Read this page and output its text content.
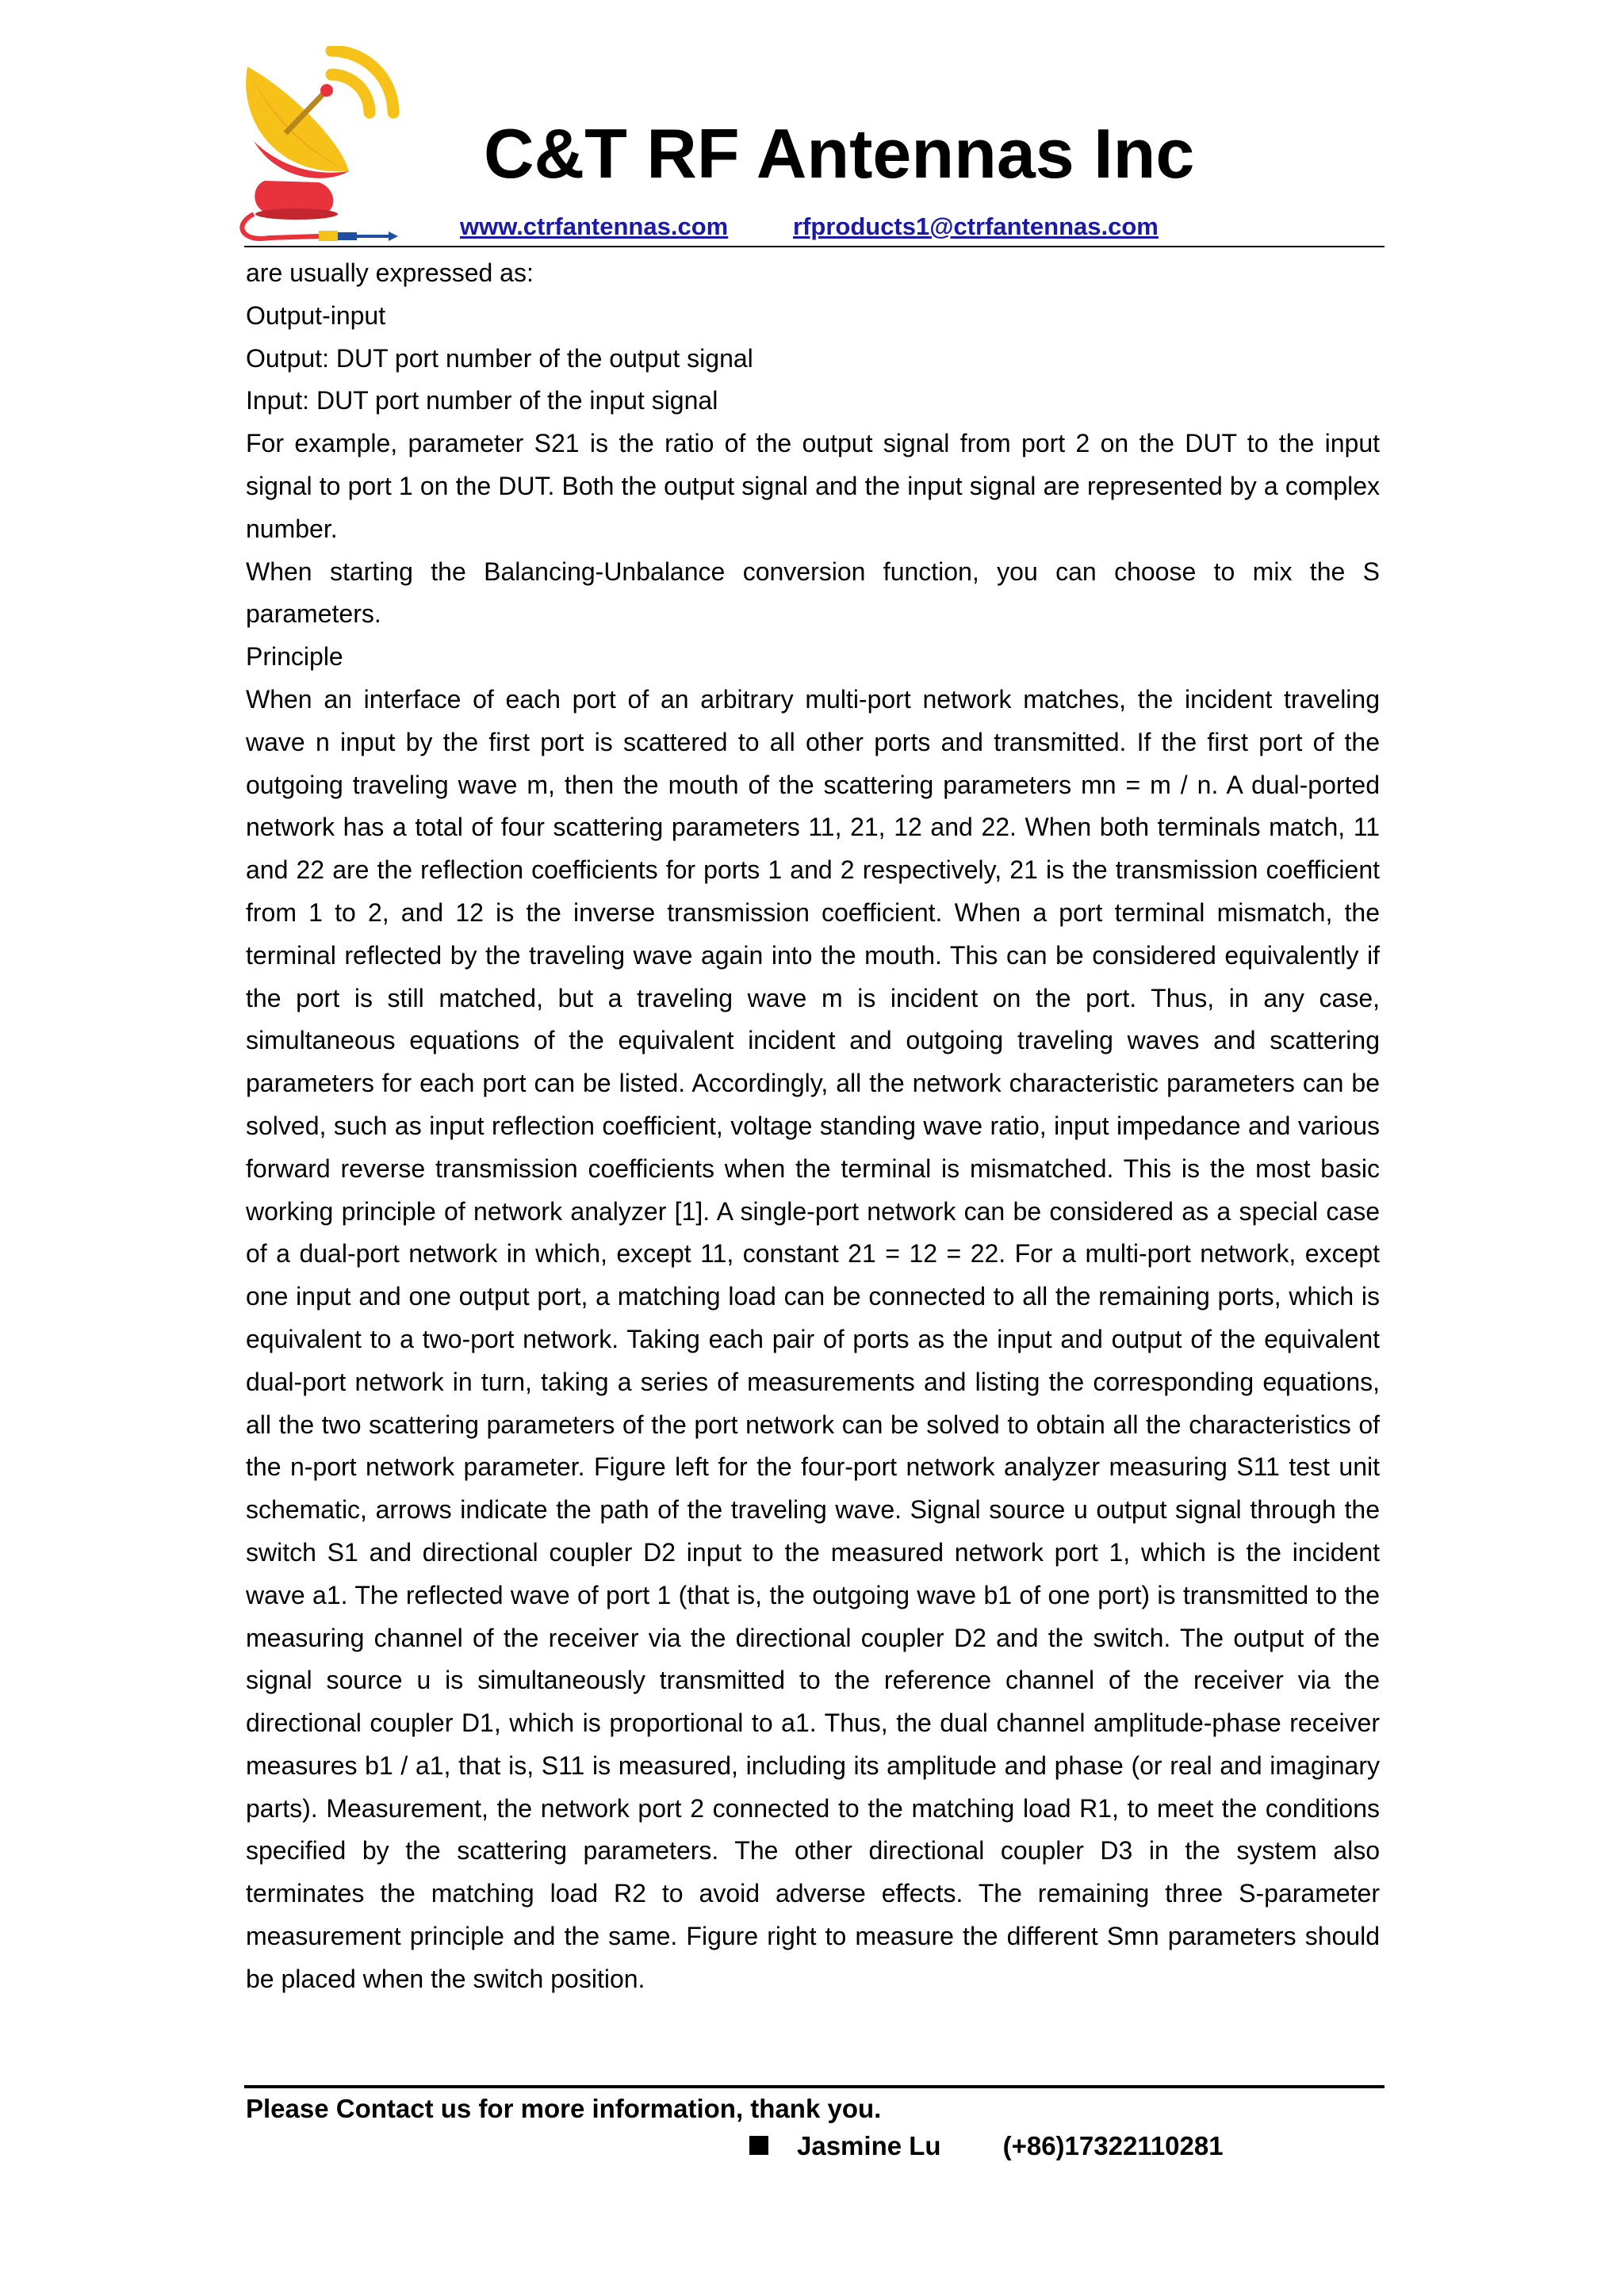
C&T RF Antennas Inc
www.ctrfantennas.com	rfproducts1@ctrfantennas.com

are usually expressed as:

Output-input

Output: DUT port number of the output signal

Input: DUT port number of the input signal

For example, parameter S21 is the ratio of the output signal from port 2 on the DUT to the input signal to port 1 on the DUT. Both the output signal and the input signal are represented by a complex number.

When starting the Balancing-Unbalance conversion function, you can choose to mix the S parameters.

Principle

When an interface of each port of an arbitrary multi-port network matches, the incident traveling wave n input by the first port is scattered to all other ports and transmitted. If the first port of the outgoing traveling wave m, then the mouth of the scattering parameters mn = m / n. A dual-ported network has a total of four scattering parameters 11, 21, 12 and 22. When both terminals match, 11 and 22 are the reflection coefficients for ports 1 and 2 respectively, 21 is the transmission coefficient from 1 to 2, and 12 is the inverse transmission coefficient. When a port terminal mismatch, the terminal reflected by the traveling wave again into the mouth. This can be considered equivalently if the port is still matched, but a traveling wave m is incident on the port. Thus, in any case, simultaneous equations of the equivalent incident and outgoing traveling waves and scattering parameters for each port can be listed. Accordingly, all the network characteristic parameters can be solved, such as input reflection coefficient, voltage standing wave ratio, input impedance and various forward reverse transmission coefficients when the terminal is mismatched. This is the most basic working principle of network analyzer [1]. A single-port network can be considered as a special case of a dual-port network in which, except 11, constant 21 = 12 = 22. For a multi-port network, except one input and one output port, a matching load can be connected to all the remaining ports, which is equivalent to a two-port network. Taking each pair of ports as the input and output of the equivalent dual-port network in turn, taking a series of measurements and listing the corresponding equations, all the two scattering parameters of the port network can be solved to obtain all the characteristics of the n-port network parameter. Figure left for the four-port network analyzer measuring S11 test unit schematic, arrows indicate the path of the traveling wave. Signal source u output signal through the switch S1 and directional coupler D2 input to the measured network port 1, which is the incident wave a1. The reflected wave of port 1 (that is, the outgoing wave b1 of one port) is transmitted to the measuring channel of the receiver via the directional coupler D2 and the switch. The output of the signal source u is simultaneously transmitted to the reference channel of the receiver via the directional coupler D1, which is proportional to a1. Thus, the dual channel amplitude-phase receiver measures b1 / a1, that is, S11 is measured, including its amplitude and phase (or real and imaginary parts). Measurement, the network port 2 connected to the matching load R1, to meet the conditions specified by the scattering parameters. The other directional coupler D3 in the system also terminates the matching load R2 to avoid adverse effects. The remaining three S-parameter measurement principle and the same. Figure right to measure the different Smn parameters should be placed when the switch position.

Please Contact us for more information, thank you.
Jasmine Lu (+86)17322110281
